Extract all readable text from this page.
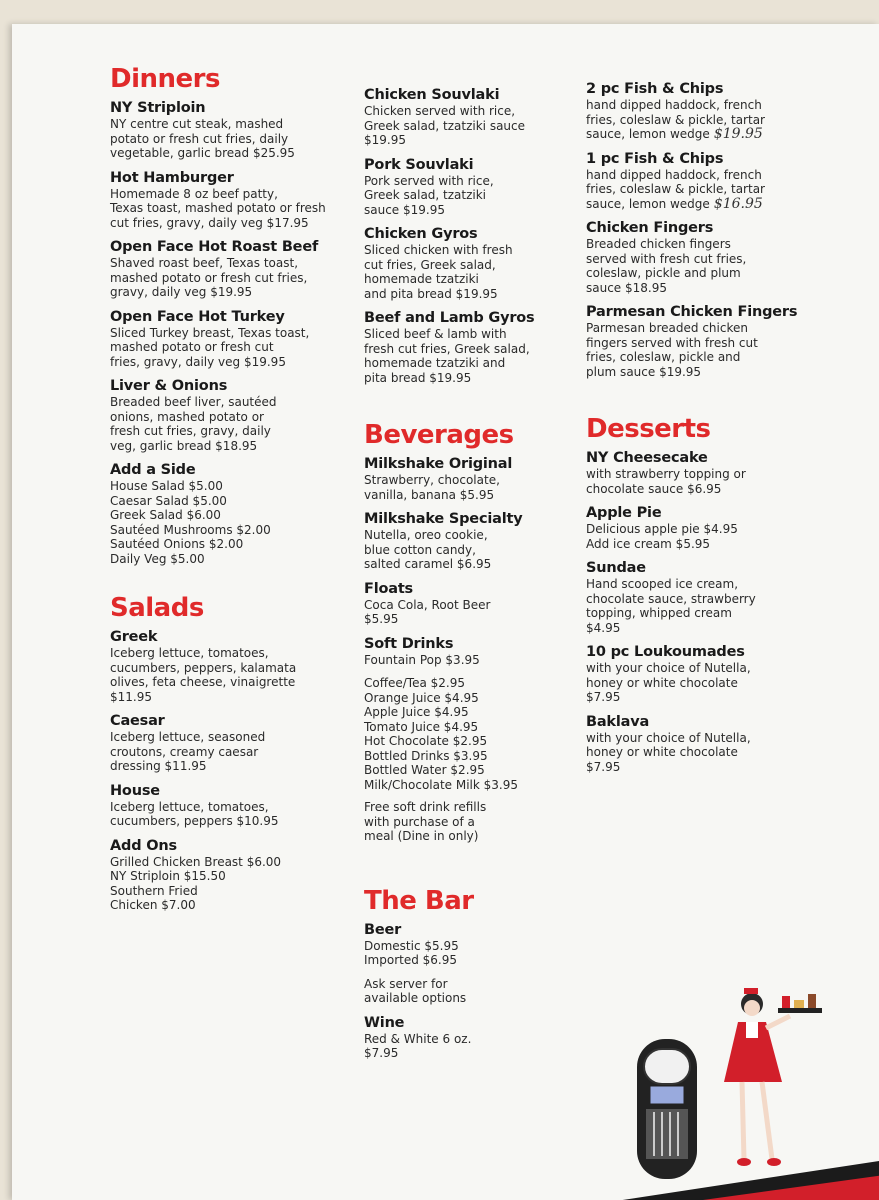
Dinners
NY Striploin
NY centre cut steak, mashed
potato or fresh cut fries, daily
vegetable, garlic bread $25.95
Hot Hamburger
Homemade 8 oz beef patty,
Texas toast, mashed potato or fresh
cut fries, gravy, daily veg $17.95
Open Face Hot Roast Beef
Shaved roast beef, Texas toast,
mashed potato or fresh cut fries,
gravy, daily veg $19.95
Open Face Hot Turkey
Sliced Turkey breast, Texas toast,
mashed potato or fresh cut
fries, gravy, daily veg $19.95
Liver & Onions
Breaded beef liver, sautéed
onions, mashed potato or
fresh cut fries, gravy, daily
veg, garlic bread $18.95
Add a Side
House Salad $5.00
Caesar Salad $5.00
Greek Salad $6.00
Sautéed Mushrooms $2.00
Sautéed Onions $2.00
Daily Veg $5.00
Salads
Greek
Iceberg lettuce, tomatoes,
cucumbers, peppers, kalamata
olives, feta cheese, vinaigrette
$11.95
Caesar
Iceberg lettuce, seasoned
croutons, creamy caesar
dressing $11.95
House
Iceberg lettuce, tomatoes,
cucumbers, peppers $10.95
Add Ons
Grilled Chicken Breast $6.00
NY Striploin $15.50
Southern Fried
Chicken $7.00
Chicken Souvlaki
Chicken served with rice,
Greek salad, tzatziki sauce
$19.95
Pork Souvlaki
Pork served with rice,
Greek salad, tzatziki
sauce $19.95
Chicken Gyros
Sliced chicken with fresh
cut fries, Greek salad,
homemade tzatziki
and pita bread $19.95
Beef and Lamb Gyros
Sliced beef & lamb with
fresh cut fries, Greek salad,
homemade tzatziki and
pita bread $19.95
Beverages
Milkshake Original
Strawberry, chocolate,
vanilla, banana $5.95
Milkshake Specialty
Nutella, oreo cookie,
blue cotton candy,
salted caramel $6.95
Floats
Coca Cola, Root Beer
$5.95
Soft Drinks
Fountain Pop $3.95
Coffee/Tea $2.95
Orange Juice $4.95
Apple Juice $4.95
Tomato Juice $4.95
Hot Chocolate $2.95
Bottled Drinks $3.95
Bottled Water $2.95
Milk/Chocolate Milk $3.95
Free soft drink refills
with purchase of a
meal (Dine in only)
The Bar
Beer
Domestic $5.95
Imported $6.95
Ask server for
available options
Wine
Red & White 6 oz.
$7.95
2 pc Fish & Chips
hand dipped haddock, french
fries, coleslaw & pickle, tartar
sauce, lemon wedge $19.95
1 pc Fish & Chips
hand dipped haddock, french
fries, coleslaw & pickle, tartar
sauce, lemon wedge $16.95
Chicken Fingers
Breaded chicken fingers
served with fresh cut fries,
coleslaw, pickle and plum
sauce $18.95
Parmesan Chicken Fingers
Parmesan breaded chicken
fingers served with fresh cut
fries, coleslaw, pickle and
plum sauce $19.95
Desserts
NY Cheesecake
with strawberry topping or
chocolate sauce $6.95
Apple Pie
Delicious apple pie $4.95
Add ice cream $5.95
Sundae
Hand scooped ice cream,
chocolate sauce, strawberry
topping, whipped cream
$4.95
10 pc Loukoumades
with your choice of Nutella,
honey or white chocolate
$7.95
Baklava
with your choice of Nutella,
honey or white chocolate
$7.95
